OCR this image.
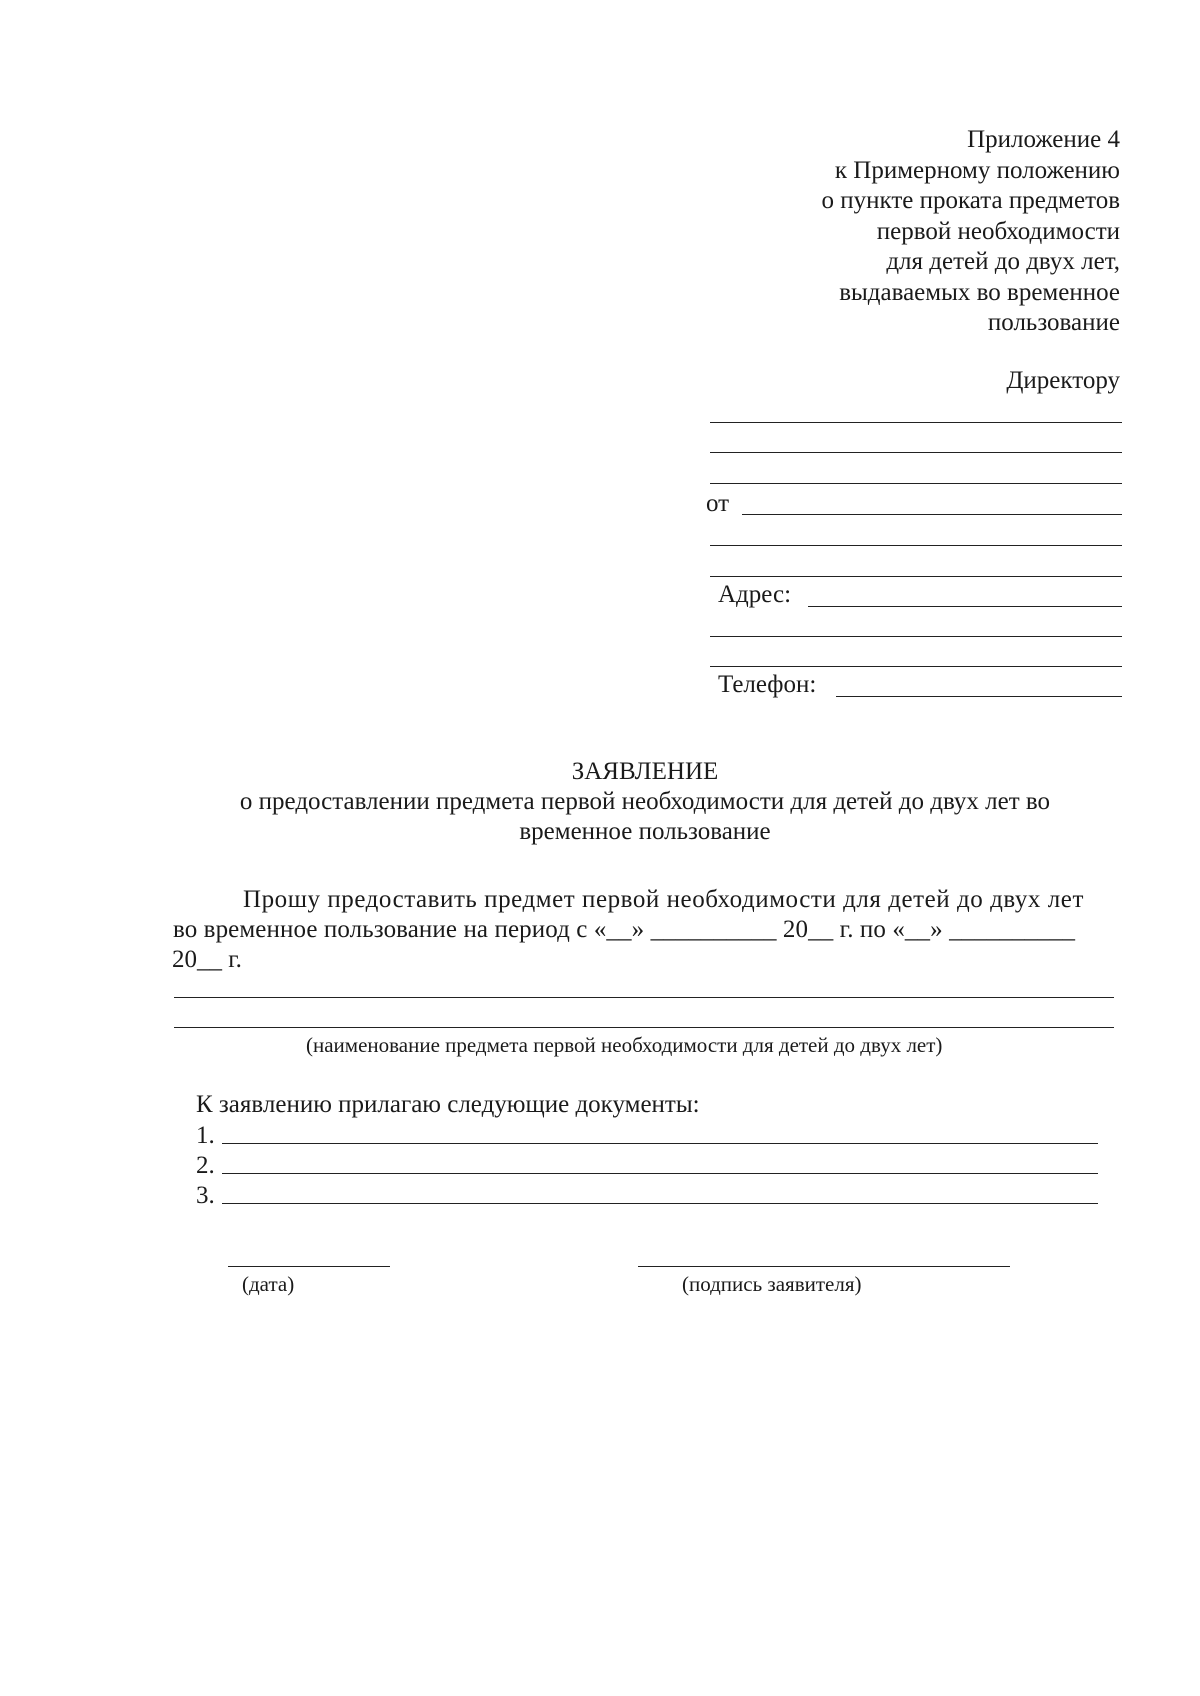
Приложение 4
к Примерному положению
о пункте проката предметов
первой необходимости
для детей до двух лет,
выдаваемых во временное
пользование
Директору
от
Адрес:
Телефон:
ЗАЯВЛЕНИЕ
о предоставлении предмета первой необходимости для детей до двух лет во
временное пользование
Прошу предоставить предмет первой необходимости для детей до двух лет
во временное пользование на период с «__» __________ 20__ г. по «__» __________
20__ г.
(наименование предмета первой необходимости для детей до двух лет)
К заявлению прилагаю следующие документы:
1.
2.
3.
(дата)	(подпись заявителя)
